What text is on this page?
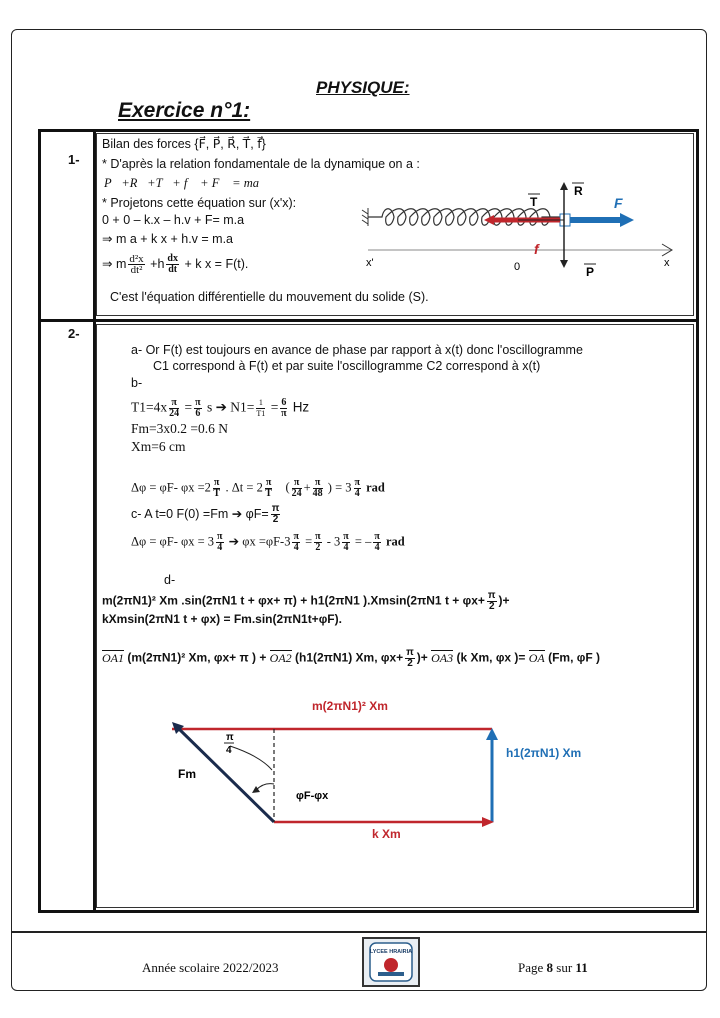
PHYSIQUE:
Exercice n°1:
1-
Bilan des forces {F⃗, P⃗, R⃗, T⃗, f⃗}
* D'après la relation fondamentale de la dynamique on a :
P⃗+R⃗+T⃗+ f⃗ + F⃗ = ma⃗
* Projetons cette équation sur (x'x):
0 + 0 – k.x – h.v + F= m.a
⇒ m a + k x + h.v = m.a
⇒ m $\frac{\text{d²x}}{\text{dt²}} +h \frac{dx}{dt} + k$ x = F(t).
C'est l'équation différentielle du mouvement du solide (S).
T
R
F
f
P
x'	0	x
2-
a- Or F(t) est toujours en avance de phase par rapport à x(t) donc l'oscillogramme
C1 correspond à F(t) et par suite l'oscillogramme C2 correspond à x(t)
b-
$T1=4x \frac{\pi}{24} = \frac{\pi}{6}$ s ➔ $N1= \frac{1}{T1} = \frac{6}{\pi}$ Hz
Fm=3x0.2 =0.6 N
Xm=6 cm
Δφ = φF- $\varphi x =2 \frac{\pi}{T}$ . $\Delta t = 2 \frac{\pi}{T}$ ( $\frac{\pi}{24} + \frac{\pi}{48}$ ) = $3 \frac{\pi}{4}$ rad
c- A t=0 F(0) =Fm ➔ $\varphi F= \frac{\pi}{2}$
Δφ = φF- $\varphi x = 3 \frac{\pi}{4}$ ➔ $\varphi x =\varphi F-3 \frac{\pi}{4} = \frac{\pi}{2} - 3 \frac{\pi}{4}$ = – $\frac{\pi}{4}$ rad
d-
m(2πN1)² Xm .sin(2πN1 t + φx+ π) + h1(2πN1 ).Xmsin(2πN1 $t + \varphi x+ \frac{\pi}{2}$ )+
kXmsin(2πN1 t + φx) = Fm.sin(2πN1t+φF).
OA1 (m(2πN1)² Xm, φx+ π ) + OA2 (h1(2πN1) Xm, $\varphi x+ \frac{\pi}{2}$ )+ OA3 (k Xm, φx )= OA (Fm, φF )
m(2πN1)² Xm
h1(2πN1) Xm
k Xm
Fm
π
4
φF-φx
Année scolaire 2022/2023
LYCEE HRAIRIA
Page 8 sur 11
